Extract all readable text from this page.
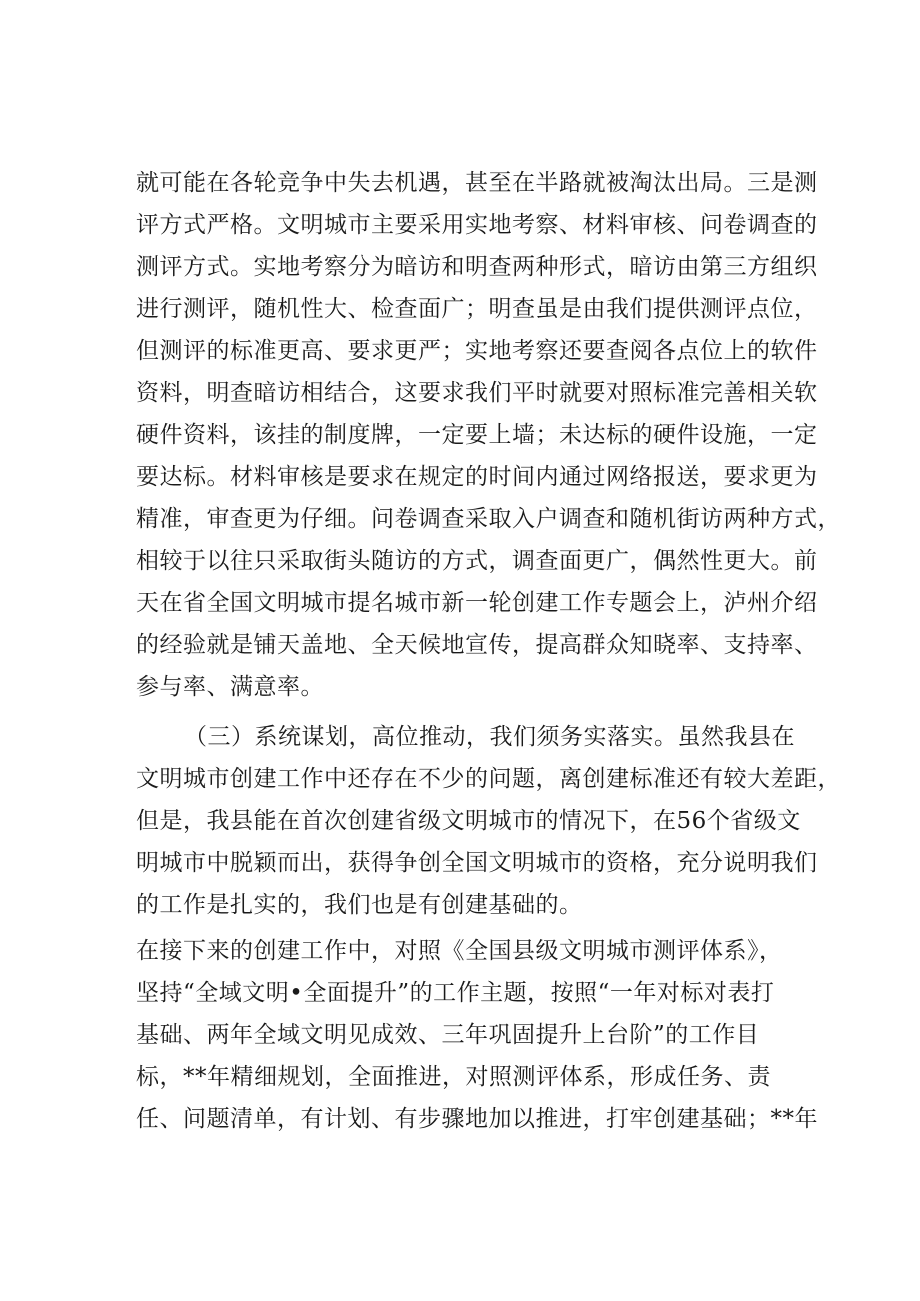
就可能在各轮竞争中失去机遇，甚至在半路就被淘汰出局。三是测
评方式严格。文明城市主要采用实地考察、材料审核、问卷调查的
测评方式。实地考察分为暗访和明查两种形式，暗访由第三方组织
进行测评，随机性大、检查面广；明查虽是由我们提供测评点位，
但测评的标准更高、要求更严；实地考察还要查阅各点位上的软件
资料，明查暗访相结合，这要求我们平时就要对照标准完善相关软
硬件资料，该挂的制度牌，一定要上墙；未达标的硬件设施，一定
要达标。材料审核是要求在规定的时间内通过网络报送，要求更为
精准，审查更为仔细。问卷调查采取入户调查和随机街访两种方式，
相较于以往只采取街头随访的方式，调查面更广，偶然性更大。前
天在省全国文明城市提名城市新一轮创建工作专题会上，泸州介绍
的经验就是铺天盖地、全天候地宣传，提高群众知晓率、支持率、
参与率、满意率。
（三）系统谋划，高位推动，我们须务实落实。虽然我县在
文明城市创建工作中还存在不少的问题，离创建标准还有较大差距，
但是，我县能在首次创建省级文明城市的情况下，在56个省级文
明城市中脱颖而出，获得争创全国文明城市的资格，充分说明我们
的工作是扎实的，我们也是有创建基础的。
在接下来的创建工作中，对照《全国县级文明城市测评体系》，
坚持“全域文明•全面提升”的工作主题，按照“一年对标对表打
基础、两年全域文明见成效、三年巩固提升上台阶”的工作目
标，**年精细规划，全面推进，对照测评体系，形成任务、责
任、问题清单，有计划、有步骤地加以推进，打牢创建基础；**年
